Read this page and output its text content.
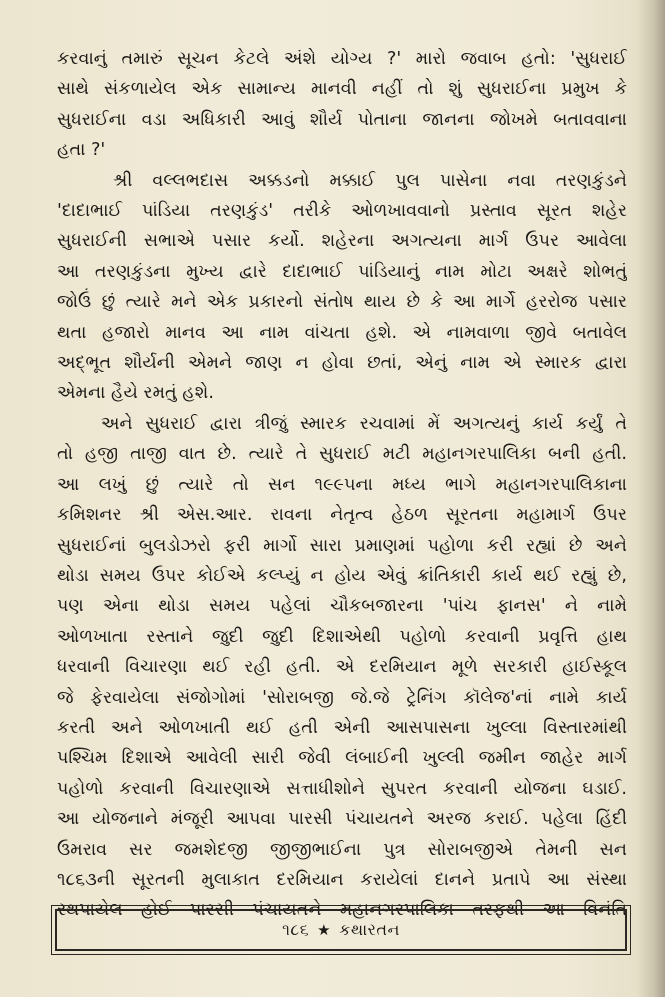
કરવાનું તમારું સૂચન કેટલે અંશે યોગ્ય ?' મારો જવાબ હતો: 'સુધરાઈ
સાથે સંકળાયેલ એક સામાન્ય માનવી નહીં તો શું સુધરાઈના પ્રમુખ કે
સુધરાઈના વડા અધિકારી આવું શૌર્ય પોતાના જાનના જોખમે બતાવવાના
હતા ?'

શ્રી વલ્લભદાસ અક્કડનો મક્કાઈ પુલ પાસેના નવા તરણકુંડને
'દાદાભાઈ પાંડિયા તરણકુંડ' તરીકે ઓળખાવવાનો પ્રસ્તાવ સૂરત શહેર
સુધરાઈની સભાએ પસાર કર્યો. શહેરના અગત્યના માર્ગ ઉપર આવેલા
આ તરણકુંડના મુખ્ય દ્વારે દાદાભાઈ પાંડિયાનું નામ મોટા અક્ષરે શોભતું
જોઉં છું ત્યારે મને એક પ્રકારનો સંતોષ થાય છે કે આ માર્ગે હરરોજ પસાર
થતા હજારો માનવ આ નામ વાંચતા હશે. એ નામવાળા જીવે બતાવેલ
અદ્ભૂત શૌર્યની એમને જાણ ન હોવા છતાં, એનું નામ એ સ્મારક દ્વારા
એમના હૈયે રમતું હશે.

અને સુધરાઈ દ્વારા ત્રીજું સ્મારક રચવામાં મેં અગત્યનું કાર્ય કર્યું તે
તો હજી તાજી વાત છે. ત્યારે તે સુધરાઈ મટી મહાનગરપાલિકા બની હતી.
આ લખું છું ત્યારે તો સન ૧૯૯૫ના મધ્ય ભાગે મહાનગરપાલિકાના
કમિશનર શ્રી એસ.આર. રાવના નેતૃત્વ હેઠળ સૂરતના મહામાર્ગ ઉપર
સુધરાઈનાં બુલડોઝરો ફરી માર્ગો સારા પ્રમાણમાં પહોળા કરી રહ્યાં છે અને
થોડા સમય ઉપર કોઈએ કલ્પ્યું ન હોય એવું ક્રાંતિકારી કાર્ય થઈ રહ્યું છે,
પણ એના થોડા સમય પહેલાં ચૌકબજારના 'પાંચ ફાનસ' ને નામે
ઓળખાતા રસ્તાને જુદી જુદી દિશાએથી પહોળો કરવાની પ્રવૃત્તિ હાથ
ધરવાની વિચારણા થઈ રહી હતી. એ દરમિયાન મૂળે સરકારી હાઈસ્કૂલ
જે ફેરવાયેલા સંજોગોમાં 'સોરાબજી જે.જે ટ્રેનિંગ કૉલેજ'નાં નામે કાર્ય
કરતી અને ઓળખાતી થઈ હતી એની આસપાસના ખુલ્લા વિસ્તારમાંથી
પશ્ચિમ દિશાએ આવેલી સારી જેવી લંબાઈની ખુલ્લી જમીન જાહેર માર્ગ
પહોળો કરવાની વિચારણાએ સત્તાધીશોને સુપરત કરવાની યોજના ઘડાઈ.
આ યોજનાને મંજૂરી આપવા પારસી પંચાયતને અરજ કરાઈ. પહેલા હિંદી
ઉમરાવ સર જમશેદજી જીજીભાઈના પુત્ર સોરાબજીએ તેમની સન
૧૮૬૩ની સૂરતની મુલાકાત દરમિયાન કરાયેલાં દાનને પ્રતાપે આ સંસ્થા
સ્થપાયેલ હોઈ પારસી પંચાયતને મહાનગરપાલિકા તરફથી આ વિનંતિ

૧૮૬ ★ કથારતન
